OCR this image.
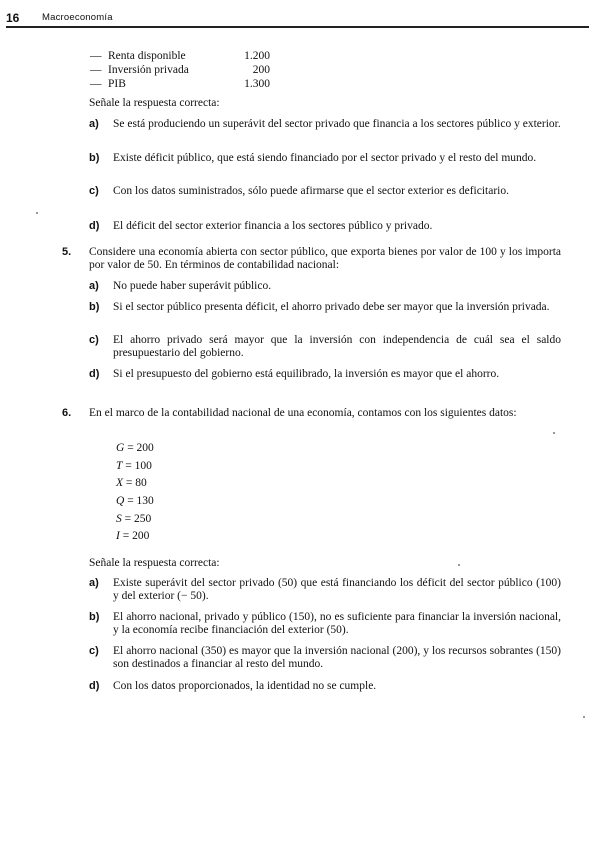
16 Macroeconomía
— Renta disponible	1.200
— Inversión privada	200
— PIB	1.300
Señale la respuesta correcta:
a) Se está produciendo un superávit del sector privado que financia a los sectores público y exterior.
b) Existe déficit público, que está siendo financiado por el sector privado y el resto del mundo.
c) Con los datos suministrados, sólo puede afirmarse que el sector exterior es deficitario.
d) El déficit del sector exterior financia a los sectores público y privado.
5. Considere una economía abierta con sector público, que exporta bienes por valor de 100 y los importa por valor de 50. En términos de contabilidad nacional:
a) No puede haber superávit público.
b) Si el sector público presenta déficit, el ahorro privado debe ser mayor que la inversión privada.
c) El ahorro privado será mayor que la inversión con independencia de cuál sea el saldo presupuestario del gobierno.
d) Si el presupuesto del gobierno está equilibrado, la inversión es mayor que el ahorro.
6. En el marco de la contabilidad nacional de una economía, contamos con los siguientes datos:
G = 200
T = 100
X = 80
Q = 130
S = 250
I = 200
Señale la respuesta correcta:
a) Existe superávit del sector privado (50) que está financiando los déficit del sector público (100) y del exterior (− 50).
b) El ahorro nacional, privado y público (150), no es suficiente para financiar la inversión nacional, y la economía recibe financiación del exterior (50).
c) El ahorro nacional (350) es mayor que la inversión nacional (200), y los recursos sobrantes (150) son destinados a financiar al resto del mundo.
d) Con los datos proporcionados, la identidad no se cumple.
